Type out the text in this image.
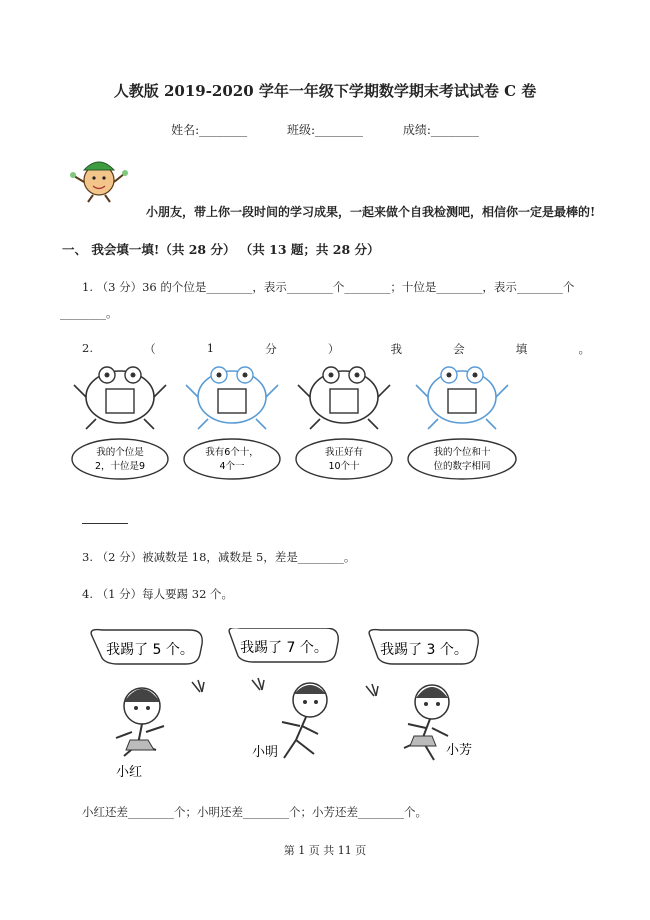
人教版 2019-2020 学年一年级下学期数学期末考试试卷 C 卷
姓名:________	班级:________	成绩:________
小朋友，带上你一段时间的学习成果，一起来做个自我检测吧，相信你一定是最棒的!
一、 我会填一填!（共 28 分） （共 13 题；共 28 分）
1. （3 分）36 的个位是________，表示________个________；十位是________，表示________个
________。
2.	（	1	分	）	我	会	填	。
我的个位是
2，十位是9
我有6个十，
4个一
我正好有
10个十
我的个位和十
位的数字相同
3. （2 分）被减数是 18，减数是 5，差是________。
4. （1 分）每人要踢 32 个。
我踢了 5 个。
小红
我踢了 7 个。
小明
我踢了 3 个。
小芳
小红还差________个；小明还差________个；小芳还差________个。
第 1 页 共 11 页
